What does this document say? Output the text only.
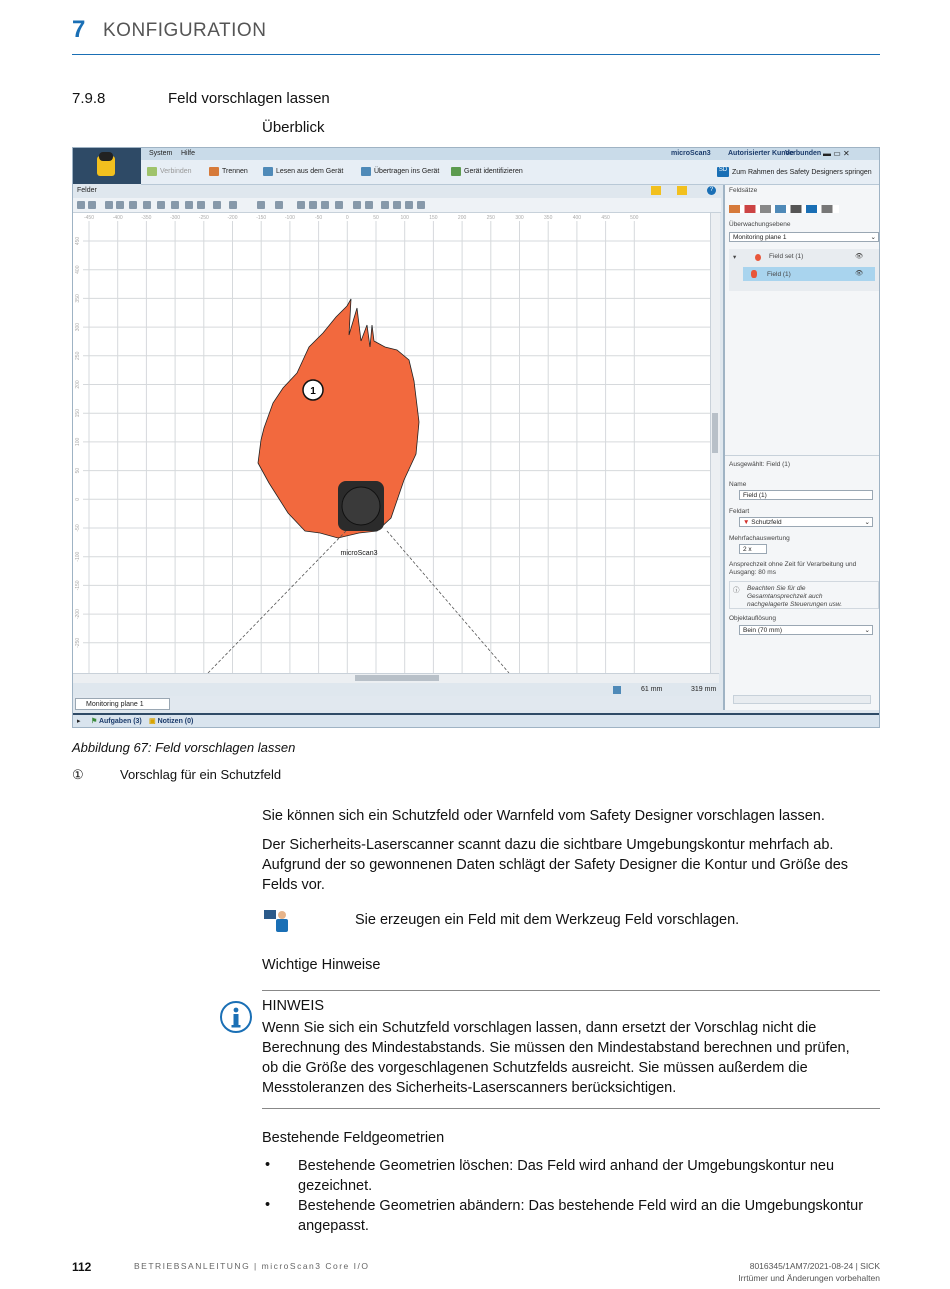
7 KONFIGURATION
7.9.8	Feld vorschlagen lassen
Überblick
System Hilfe	microScan3 Autorisierter Kunde
Verbunden ▬ ▭ ✕
Verbinden	Trennen	Lesen aus dem Gerät	Übertragen ins Gerät	Gerät identifizieren	SD Zum Rahmen des Safety Designers springen
Felder	?
-450	-400	-350	-300	-250	-200	-150	-100	-50	0	50	100	150	200	250	300	350	400	450	500
450
400
350
300
250
200
150
100
50
0
-50
-100
-150
-200
-250
1
microScan3
61 mm	319 mm
Monitoring plane 1
Feldsätze
Überwachungsebene
Monitoring plane 1	⌄
▾	Field set (1)	👁
Field (1)	👁
Ausgewählt: Field (1)
Name
Field (1)
Feldart
▼ Schutzfeld	⌄
Mehrfachauswertung
2 x
Ansprechzeit ohne Zeit für Verarbeitung und Ausgang: 80 ms
ⓘ Beachten Sie für die Gesamtansprechzeit auch nachgelagerte Steuerungen usw.
Objektauflösung
Bein (70 mm)	⌄
▸ ⚑ Aufgaben (3) ▣ Notizen (0)
Abbildung 67: Feld vorschlagen lassen
①	Vorschlag für ein Schutzfeld
Sie können sich ein Schutzfeld oder Warnfeld vom Safety Designer vorschlagen lassen.
Der Sicherheits-Laserscanner scannt dazu die sichtbare Umgebungskontur mehrfach ab. Aufgrund der so gewonnenen Daten schlägt der Safety Designer die Kontur und Größe des Felds vor.
Sie erzeugen ein Feld mit dem Werkzeug Feld vorschlagen.
Wichtige Hinweise
HINWEIS
Wenn Sie sich ein Schutzfeld vorschlagen lassen, dann ersetzt der Vorschlag nicht die Berechnung des Mindestabstands. Sie müssen den Mindestabstand berechnen und prüfen, ob die Größe des vorgeschlagenen Schutzfelds ausreicht. Sie müssen außerdem die Messtoleranzen des Sicherheits-Laserscanners berücksichtigen.
Bestehende Feldgeometrien
• Bestehende Geometrien löschen: Das Feld wird anhand der Umgebungskontur neu gezeichnet.
• Bestehende Geometrien abändern: Das bestehende Feld wird an die Umgebungskontur angepasst.
112	BETRIEBSANLEITUNG | microScan3 Core I/O	8016345/1AM7/2021-08-24 | SICK
Irrtümer und Änderungen vorbehalten
